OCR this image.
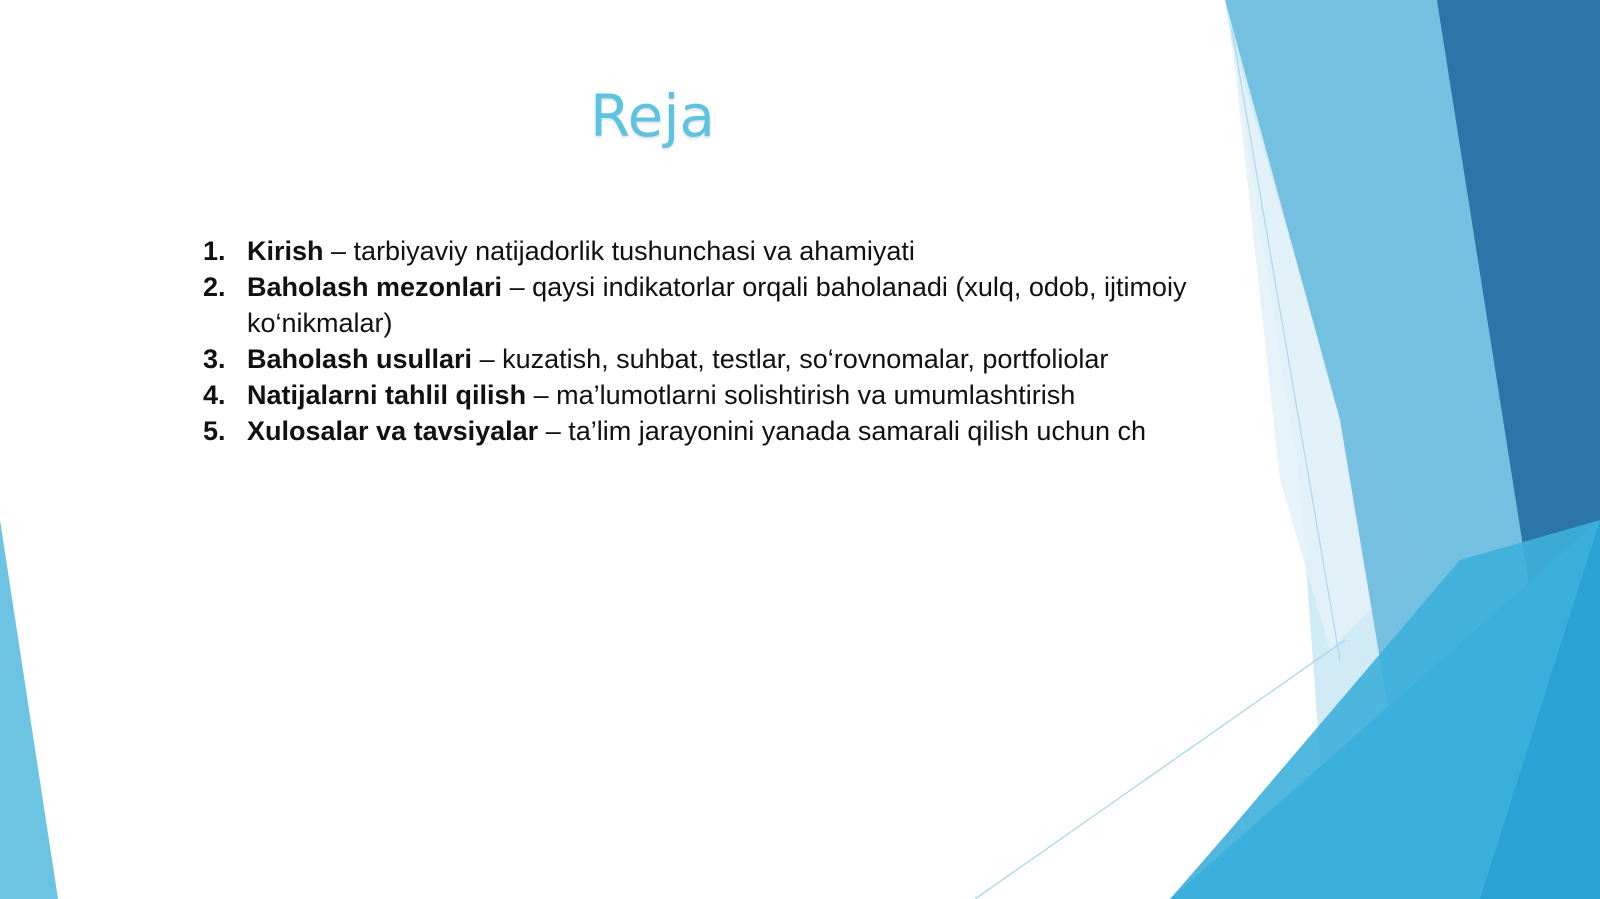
Reja
1. Kirish – tarbiyaviy natijadorlik tushunchasi va ahamiyati
2. Baholash mezonlari – qaysi indikatorlar orqali baholanadi (xulq, odob, ijtimoiy ko‘nikmalar)
3. Baholash usullari – kuzatish, suhbat, testlar, so‘rovnomalar, portfoliolar
4. Natijalarni tahlil qilish – ma’lumotlarni solishtirish va umumlashtirish
5. Xulosalar va tavsiyalar – ta’lim jarayonini yanada samarali qilish uchun ch
